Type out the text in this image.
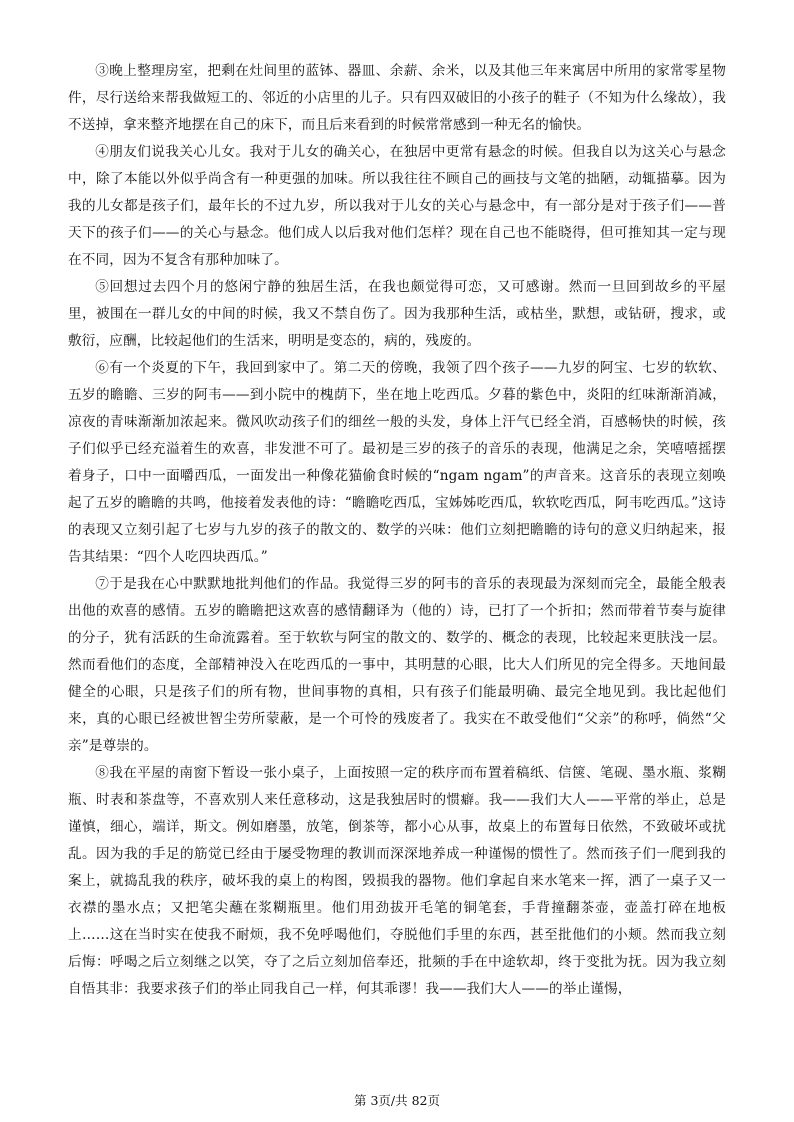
③晚上整理房室，把剩在灶间里的蓝钵、器皿、余薪、余米，以及其他三年来寓居中所用的家常零星物件，尽行送给来帮我做短工的、邻近的小店里的儿子。只有四双破旧的小孩子的鞋子（不知为什么缘故），我不送掉，拿来整齐地摆在自己的床下，而且后来看到的时候常常感到一种无名的愉快。

④朋友们说我关心儿女。我对于儿女的确关心，在独居中更常有悬念的时候。但我自以为这关心与悬念中，除了本能以外似乎尚含有一种更强的加味。所以我往往不顾自己的画技与文笔的拙陋，动辄描摹。因为我的儿女都是孩子们，最年长的不过九岁，所以我对于儿女的关心与悬念中，有一部分是对于孩子们——普天下的孩子们——的关心与悬念。他们成人以后我对他们怎样？现在自己也不能晓得，但可推知其一定与现在不同，因为不复含有那种加味了。

⑤回想过去四个月的悠闲宁静的独居生活，在我也颇觉得可恋，又可感谢。然而一旦回到故乡的平屋里，被围在一群儿女的中间的时候，我又不禁自伤了。因为我那种生活，或枯坐，默想，或钻研，搜求，或敷衍，应酬，比较起他们的生活来，明明是变态的，病的，残废的。

⑥有一个炎夏的下午，我回到家中了。第二天的傍晚，我领了四个孩子——九岁的阿宝、七岁的软软、五岁的瞻瞻、三岁的阿韦——到小院中的槐荫下，坐在地上吃西瓜。夕暮的紫色中，炎阳的红味渐渐消减，凉夜的青味渐渐加浓起来。微风吹动孩子们的细丝一般的头发，身体上汗气已经全消，百感畅快的时候，孩子们似乎已经充溢着生的欢喜，非发泄不可了。最初是三岁的孩子的音乐的表现，他满足之余，笑嘻嘻摇摆着身子，口中一面嚼西瓜，一面发出一种像花猫偷食时候的“ngam ngam”的声音来。这音乐的表现立刻唤起了五岁的瞻瞻的共鸣，他接着发表他的诗：“瞻瞻吃西瓜，宝姊姊吃西瓜，软软吃西瓜，阿韦吃西瓜。”这诗的表现又立刻引起了七岁与九岁的孩子的散文的、数学的兴味：他们立刻把瞻瞻的诗句的意义归纳起来，报告其结果：“四个人吃四块西瓜。”

⑦于是我在心中默默地批判他们的作品。我觉得三岁的阿韦的音乐的表现最为深刻而完全，最能全般表出他的欢喜的感情。五岁的瞻瞻把这欢喜的感情翻译为（他的）诗，已打了一个折扣；然而带着节奏与旋律的分子，犹有活跃的生命流露着。至于软软与阿宝的散文的、数学的、概念的表现，比较起来更肤浅一层。然而看他们的态度，全部精神没入在吃西瓜的一事中，其明慧的心眼，比大人们所见的完全得多。天地间最健全的心眼，只是孩子们的所有物，世间事物的真相，只有孩子们能最明确、最完全地见到。我比起他们来，真的心眼已经被世智尘劳所蒙蔽，是一个可怜的残废者了。我实在不敢受他们“父亲”的称呼，倘然“父亲”是尊崇的。

⑧我在平屋的南窗下暂设一张小桌子，上面按照一定的秩序而布置着稿纸、信箧、笔砚、墨水瓶、浆糊瓶、时表和茶盘等，不喜欢别人来任意移动，这是我独居时的惯癖。我——我们大人——平常的举止，总是谨慎，细心，端详，斯文。例如磨墨，放笔，倒茶等，都小心从事，故桌上的布置每日依然，不致破坏或扰乱。因为我的手足的筋觉已经由于屡受物理的教训而深深地养成一种谨惕的惯性了。然而孩子们一爬到我的案上，就捣乱我的秩序，破坏我的桌上的构图，毁损我的器物。他们拿起自来水笔来一挥，洒了一桌子又一衣襟的墨水点；又把笔尖蘸在浆糊瓶里。他们用劲拔开毛笔的铜笔套，手背撞翻茶壶，壶盖打碎在地板上……这在当时实在使我不耐烦，我不免呼喝他们，夺脱他们手里的东西，甚至批他们的小颊。然而我立刻后悔：呼喝之后立刻继之以笑，夺了之后立刻加倍奉还，批频的手在中途软却，终于变批为抚。因为我立刻自悟其非：我要求孩子们的举止同我自己一样，何其乖谬！我——我们大人——的举止谨惕，

第 3页/共 82页
